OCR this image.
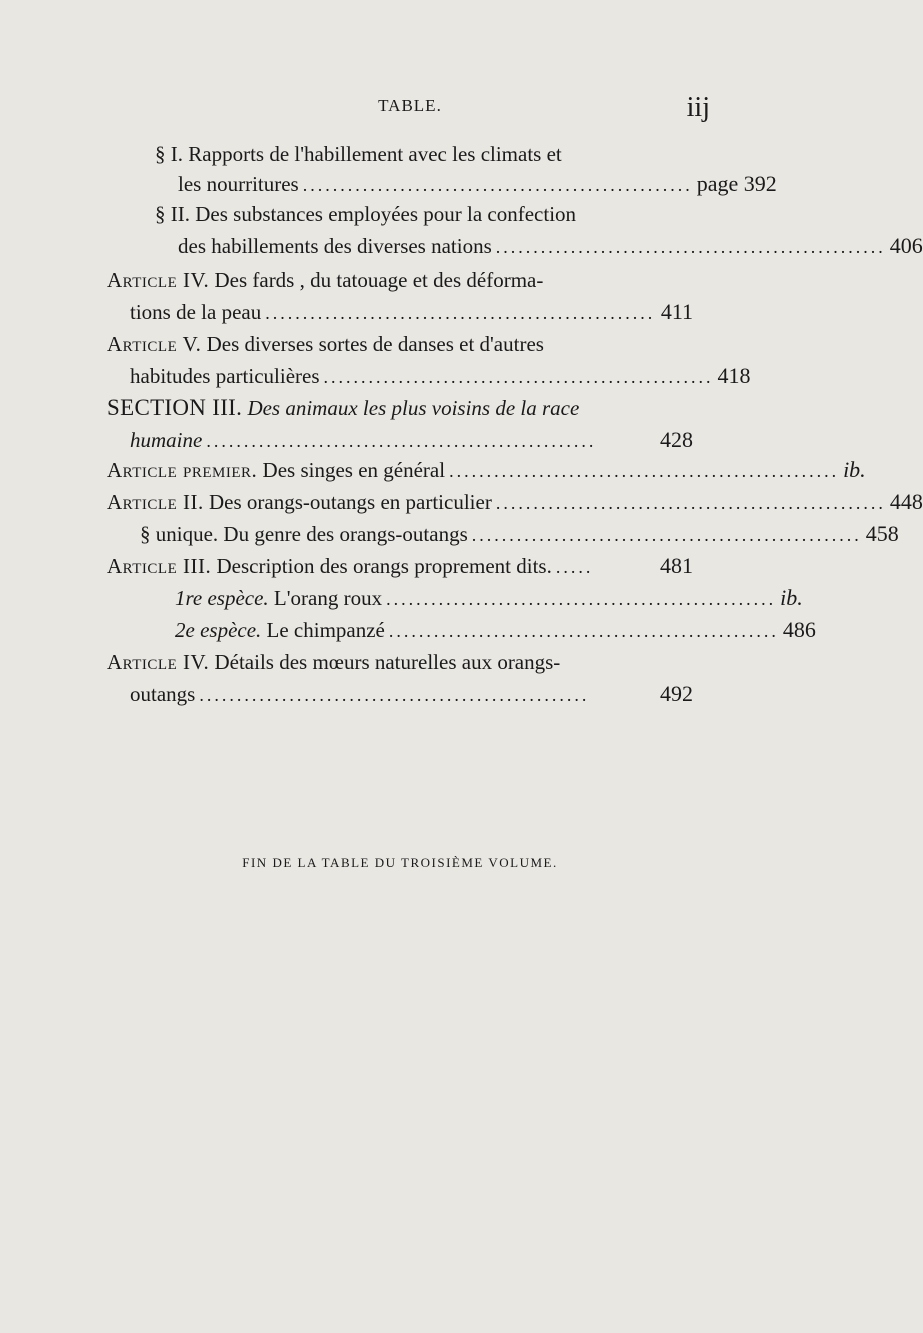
TABLE.	iij
§ I. Rapports de l'habillement avec les climats et
les nourritures .................................................... page 392
§ II. Des substances employées pour la confection
des habillements des diverses nations .................................................... 406
Article IV. Des fards , du tatouage et des déforma-
tions de la peau .................................................... 411
Article V. Des diverses sortes de danses et d'autres
habitudes particulières .................................................... 418
SECTION III. Des animaux les plus voisins de la race
humaine ....................................................	428
Article premier. Des singes en général .................................................... ib.
Article II. Des orangs-outangs en particulier .................................................... 448
§ unique. Du genre des orangs-outangs .................................................... 458
Article III. Description des orangs proprement dits. .....	481
1re espèce. L'orang roux .................................................... ib.
2e espèce. Le chimpanzé .................................................... 486
Article IV. Détails des mœurs naturelles aux orangs-
outangs ....................................................	492
FIN DE LA TABLE DU TROISIÈME VOLUME.
